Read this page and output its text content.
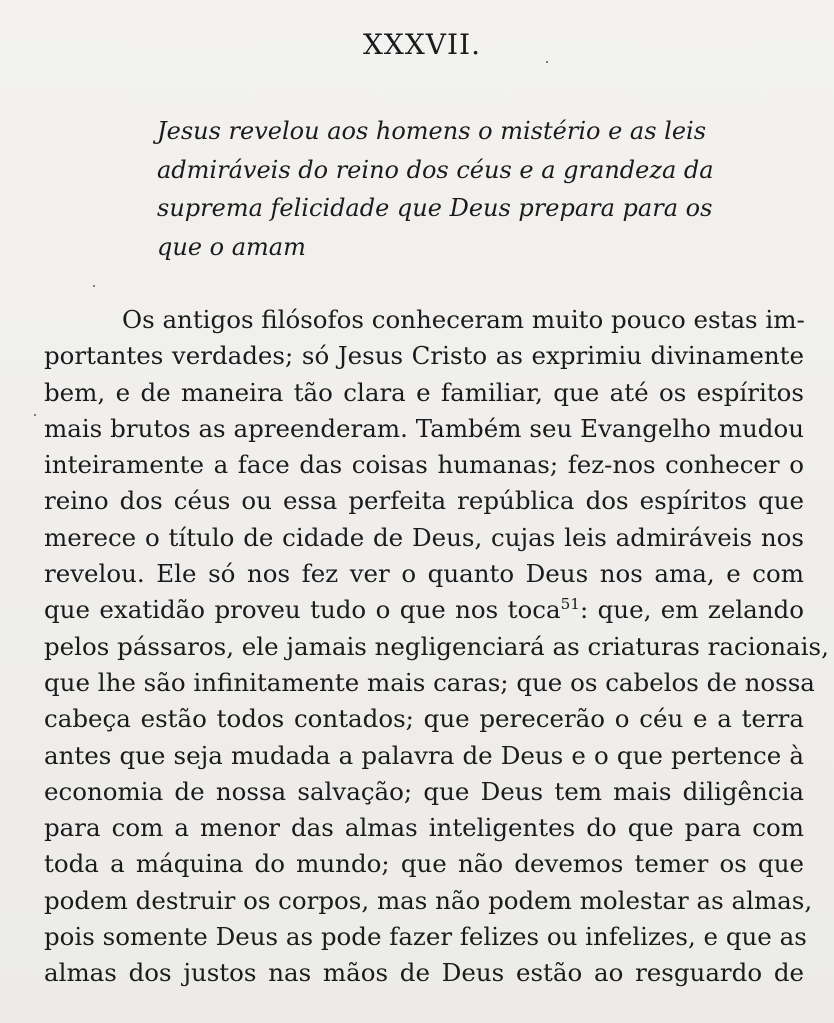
XXXVII.
Jesus revelou aos homens o mistério e as leis
admiráveis do reino dos céus e a grandeza da
suprema felicidade que Deus prepara para os
que o amam
Os antigos filósofos conheceram muito pouco estas im-
portantes verdades; só Jesus Cristo as exprimiu divinamente
bem, e de maneira tão clara e familiar, que até os espíritos
mais brutos as apreenderam. Também seu Evangelho mudou
inteiramente a face das coisas humanas; fez-nos conhecer o
reino dos céus ou essa perfeita república dos espíritos que
merece o título de cidade de Deus, cujas leis admiráveis nos
revelou. Ele só nos fez ver o quanto Deus nos ama, e com
que exatidão proveu tudo o que nos toca$^{51}$: que, em zelando
pelos pássaros, ele jamais negligenciará as criaturas racionais,
que lhe são infinitamente mais caras; que os cabelos de nossa
cabeça estão todos contados; que perecerão o céu e a terra
antes que seja mudada a palavra de Deus e o que pertence à
economia de nossa salvação; que Deus tem mais diligência
para com a menor das almas inteligentes do que para com
toda a máquina do mundo; que não devemos temer os que
podem destruir os corpos, mas não podem molestar as almas,
pois somente Deus as pode fazer felizes ou infelizes, e que as
almas dos justos nas mãos de Deus estão ao resguardo de
